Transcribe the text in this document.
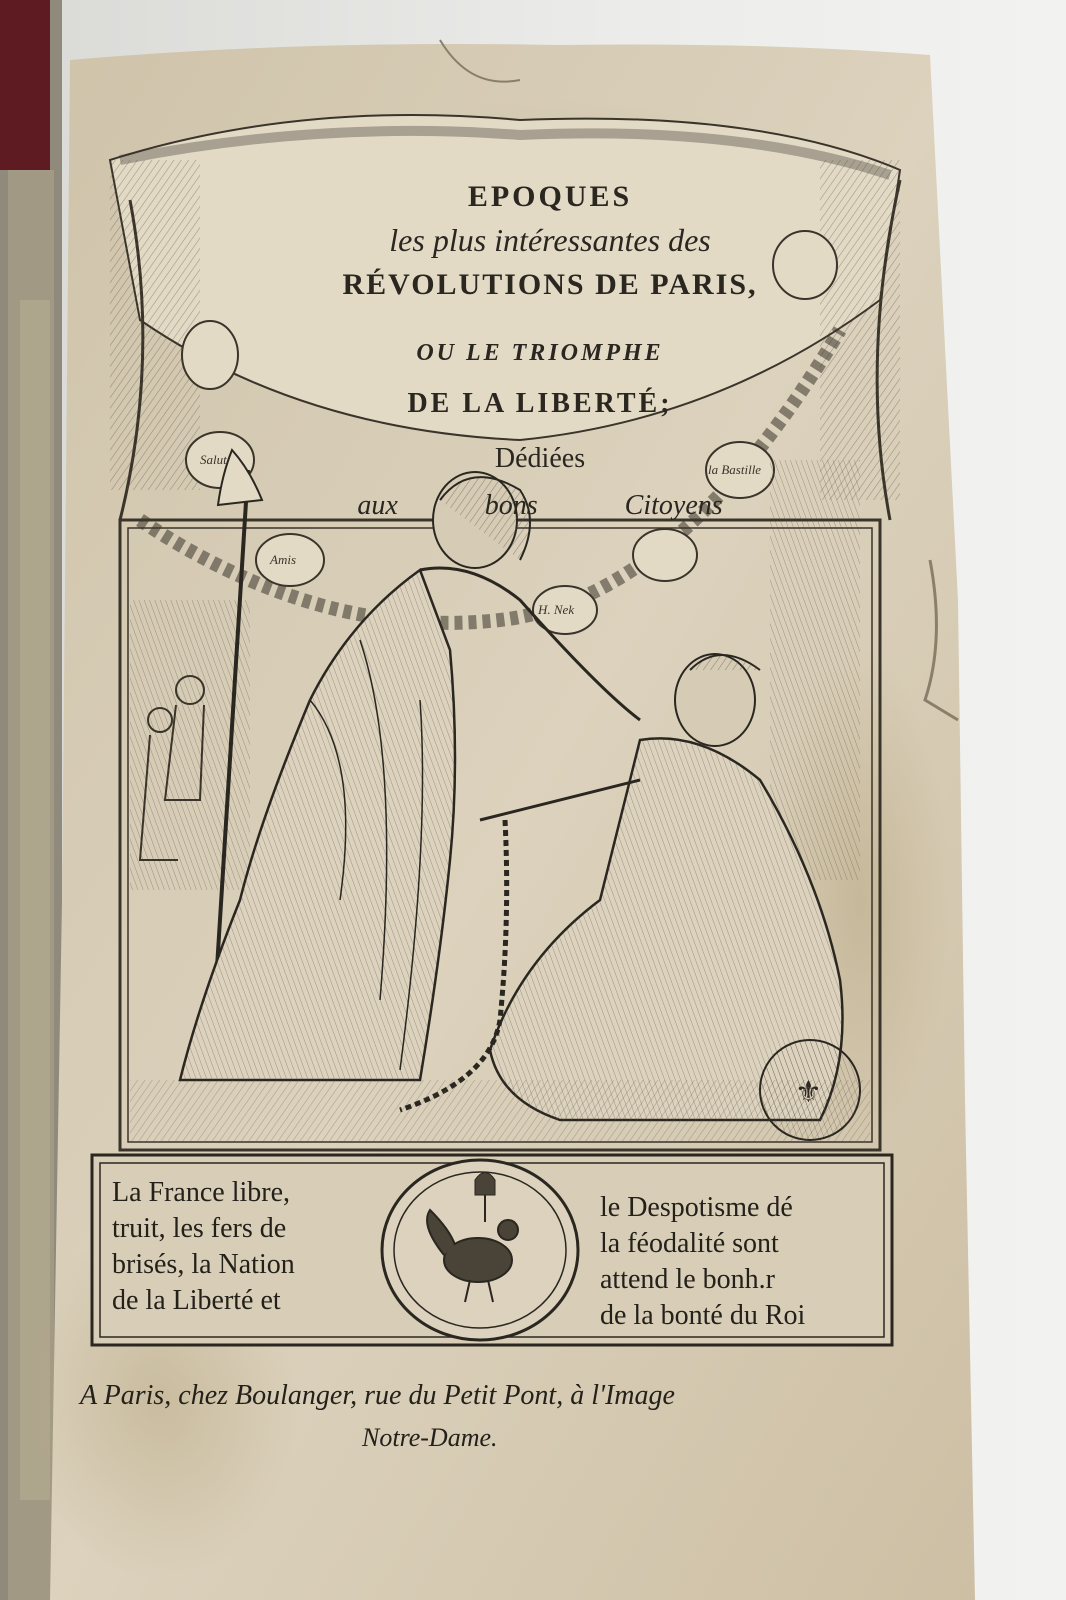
EPOQUES
les plus intéressantes des
RÉVOLUTIONS DE PARIS,
OU LE TRIOMPHE
DE LA LIBERTÉ;
Dédiées
aux bons Citoyens
H. Nek
la Bastille
Amis
Salut
La France libre,
truit, les fers de
brisés, la Nation
de la Liberté et
le Despotisme dé
la féodalité sont
attend le bonh.r
de la bonté du Roi
A Paris, chez Boulanger, rue du Petit Pont, à l'Image
Notre-Dame.
